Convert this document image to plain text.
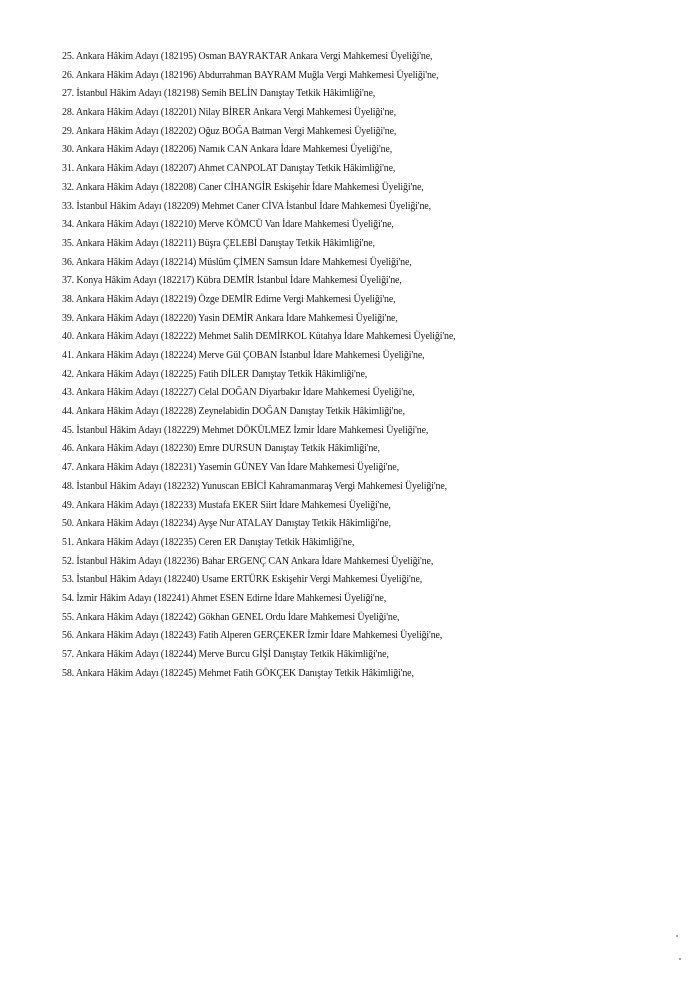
25. Ankara Hâkim Adayı (182195) Osman BAYRAKTAR Ankara Vergi Mahkemesi Üyeliği'ne,
26. Ankara Hâkim Adayı (182196) Abdurrahman BAYRAM Muğla Vergi Mahkemesi Üyeliği'ne,
27. İstanbul Hâkim Adayı (182198) Semih BELİN Danıştay Tetkik Hâkimliği'ne,
28. Ankara Hâkim Adayı (182201) Nilay BİRER Ankara Vergi Mahkemesi Üyeliği'ne,
29. Ankara Hâkim Adayı (182202) Oğuz BOĞA Batman Vergi Mahkemesi Üyeliği'ne,
30. Ankara Hâkim Adayı (182206) Namık CAN Ankara İdare Mahkemesi Üyeliği'ne,
31. Ankara Hâkim Adayı (182207) Ahmet CANPOLAT Danıştay Tetkik Hâkimliği'ne,
32. Ankara Hâkim Adayı (182208) Caner CİHANGİR Eskişehir İdare Mahkemesi Üyeliği'ne,
33. İstanbul Hâkim Adayı (182209) Mehmet Caner CİVA İstanbul İdare Mahkemesi Üyeliği'ne,
34. Ankara Hâkim Adayı (182210) Merve KÖMCÜ Van İdare Mahkemesi Üyeliği'ne,
35. Ankara Hâkim Adayı (182211) Büşra ÇELEBİ Danıştay Tetkik Hâkimliği'ne,
36. Ankara Hâkim Adayı (182214) Müslüm ÇİMEN Samsun İdare Mahkemesi Üyeliği'ne,
37. Konya Hâkim Adayı (182217) Kübra DEMİR İstanbul İdare Mahkemesi Üyeliği'ne,
38. Ankara Hâkim Adayı (182219) Özge DEMİR Edirne Vergi Mahkemesi Üyeliği'ne,
39. Ankara Hâkim Adayı (182220) Yasin DEMİR Ankara İdare Mahkemesi Üyeliği'ne,
40. Ankara Hâkim Adayı (182222) Mehmet Salih DEMİRKOL Kütahya İdare Mahkemesi Üyeliği'ne,
41. Ankara Hâkim Adayı (182224) Merve Gül ÇOBAN İstanbul İdare Mahkemesi Üyeliği'ne,
42. Ankara Hâkim Adayı (182225) Fatih DİLER Danıştay Tetkik Hâkimliği'ne,
43. Ankara Hâkim Adayı (182227) Celal DOĞAN Diyarbakır İdare Mahkemesi Üyeliği'ne,
44. Ankara Hâkim Adayı (182228) Zeynelabidin DOĞAN Danıştay Tetkik Hâkimliği'ne,
45. İstanbul Hâkim Adayı (182229) Mehmet DÖKÜLMEZ İzmir İdare Mahkemesi Üyeliği'ne,
46. Ankara Hâkim Adayı (182230) Emre DURSUN Danıştay Tetkik Hâkimliği'ne,
47. Ankara Hâkim Adayı (182231) Yasemin GÜNEY Van İdare Mahkemesi Üyeliği'ne,
48. İstanbul Hâkim Adayı (182232) Yunuscan EBİCİ Kahramanmaraş Vergi Mahkemesi Üyeliği'ne,
49. Ankara Hâkim Adayı (182233) Mustafa EKER Siirt İdare Mahkemesi Üyeliği'ne,
50. Ankara Hâkim Adayı (182234) Ayşe Nur ATALAY Danıştay Tetkik Hâkimliği'ne,
51. Ankara Hâkim Adayı (182235) Ceren ER Danıştay Tetkik Hâkimliği'ne,
52. İstanbul Hâkim Adayı (182236) Bahar ERGENÇ CAN Ankara İdare Mahkemesi Üyeliği'ne,
53. İstanbul Hâkim Adayı (182240) Usame ERTÜRK Eskişehir Vergi Mahkemesi Üyeliği'ne,
54. İzmir Hâkim Adayı (182241) Ahmet ESEN Edirne İdare Mahkemesi Üyeliği'ne,
55. Ankara Hâkim Adayı (182242) Gökhan GENEL Ordu İdare Mahkemesi Üyeliği'ne,
56. Ankara Hâkim Adayı (182243) Fatih Alperen GERÇEKER İzmir İdare Mahkemesi Üyeliği'ne,
57. Ankara Hâkim Adayı (182244) Merve Burcu GİŞİ Danıştay Tetkik Hâkimliği'ne,
58. Ankara Hâkim Adayı (182245) Mehmet Fatih GÖKÇEK Danıştay Tetkik Hâkimliği'ne,
